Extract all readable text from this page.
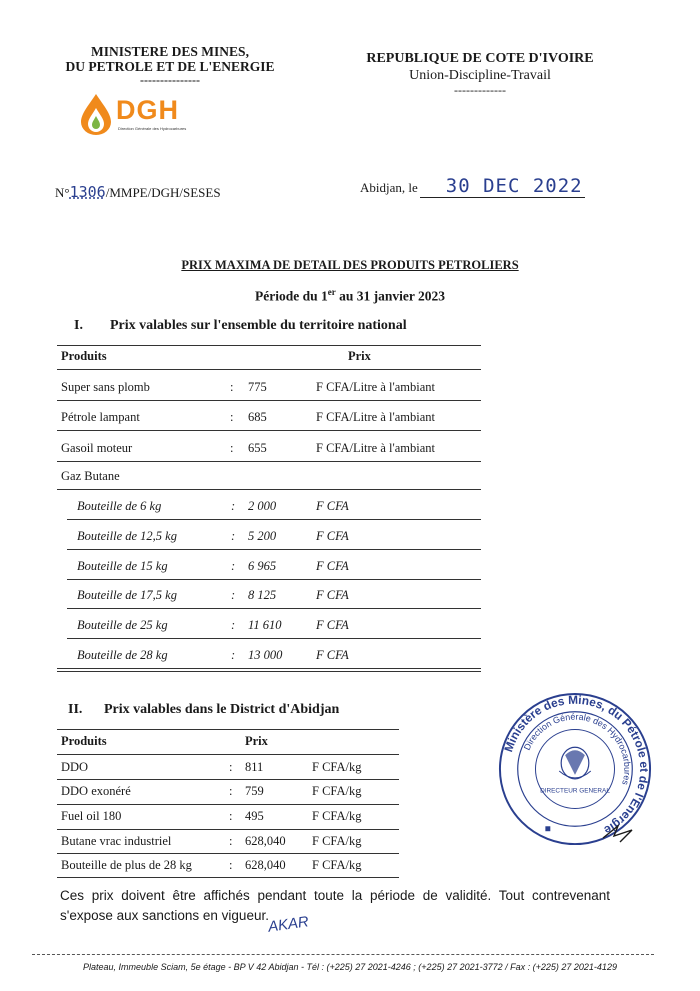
MINISTERE DES MINES,
DU PETROLE ET DE L'ENERGIE
---------------
REPUBLIQUE DE COTE D'IVOIRE
Union-Discipline-Travail
-------------
DGH
Direction Générale des Hydrocarbures
N°1306/MMPE/DGH/SESES	Abidjan, le 30 DEC 2022
PRIX MAXIMA DE DETAIL DES PRODUITS PETROLIERS
Période du 1er au 31 janvier 2023
I. Prix valables sur l'ensemble du territoire national
Produits	Prix
Super sans plomb	: 775	F CFA/Litre à l'ambiant
Pétrole lampant	: 685	F CFA/Litre à l'ambiant
Gasoil moteur	: 655	F CFA/Litre à l'ambiant
Gaz Butane
Bouteille de 6 kg	: 2 000	F CFA
Bouteille de 12,5 kg	: 5 200	F CFA
Bouteille de 15 kg	: 6 965	F CFA
Bouteille de 17,5 kg	: 8 125	F CFA
Bouteille de 25 kg	: 11 610	F CFA
Bouteille de 28 kg	: 13 000	F CFA
II. Prix valables dans le District d'Abidjan
Produits	Prix
DDO	: 811	F CFA/kg
DDO exonéré	: 759	F CFA/kg
Fuel oil 180	: 495	F CFA/kg
Butane vrac industriel	: 628,040 F CFA/kg
Bouteille de plus de 28 kg	: 628,040 F CFA/kg
Ministère des Mines, du Pétrole et de l'Energie
Direction Générale des Hydrocarbures
DIRECTEUR GENERAL
Ces prix doivent être affichés pendant toute la période de validité. Tout contrevenant s'expose aux sanctions en vigueur.
AKAR
Plateau, Immeuble Sciam, 5e étage - BP V 42 Abidjan - Tél : (+225) 27 2021-4246 ; (+225) 27 2021-3772 / Fax : (+225) 27 2021-4129
